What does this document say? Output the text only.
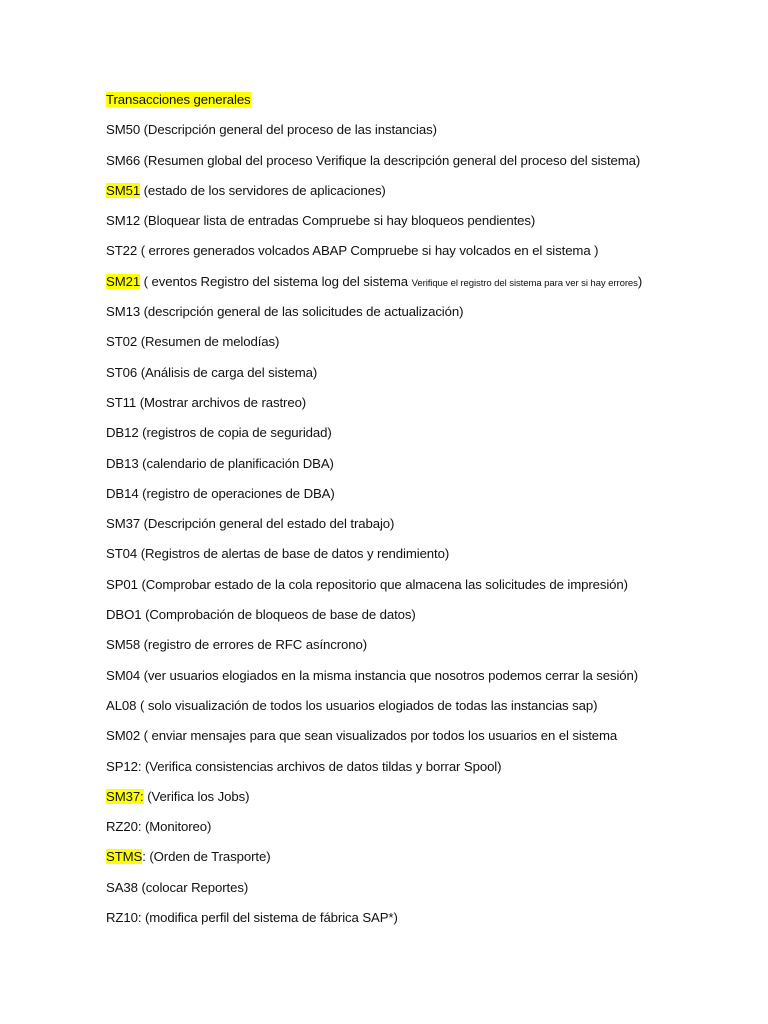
Transacciones generales
SM50 (Descripción general del proceso de las instancias)
SM66 (Resumen global del proceso Verifique la descripción general del proceso del sistema)
SM51 (estado de los servidores de aplicaciones)
SM12 (Bloquear lista de entradas Compruebe si hay bloqueos pendientes)
ST22 ( errores generados volcados ABAP Compruebe si hay volcados en el sistema )
SM21 ( eventos Registro del sistema log del sistema Verifique el registro del sistema para ver si hay errores)
SM13 (descripción general de las solicitudes de actualización)
ST02 (Resumen de melodías)
ST06 (Análisis de carga del sistema)
ST11 (Mostrar archivos de rastreo)
DB12 (registros de copia de seguridad)
DB13 (calendario de planificación DBA)
DB14 (registro de operaciones de DBA)
SM37 (Descripción general del estado del trabajo)
ST04 (Registros de alertas de base de datos y rendimiento)
SP01 (Comprobar estado de la cola repositorio que almacena las solicitudes de impresión)
DBO1 (Comprobación de bloqueos de base de datos)
SM58 (registro de errores de RFC asíncrono)
SM04 (ver usuarios elogiados en la misma instancia que nosotros podemos cerrar la sesión)
AL08 ( solo visualización de todos los usuarios elogiados de todas las instancias sap)
SM02 ( enviar mensajes para que sean visualizados por todos los usuarios en el sistema
SP12: (Verifica consistencias archivos de datos tildas y borrar Spool)
SM37: (Verifica los Jobs)
RZ20: (Monitoreo)
STMS: (Orden de Trasporte)
SA38 (colocar Reportes)
RZ10: (modifica perfil del sistema de fábrica SAP*)
